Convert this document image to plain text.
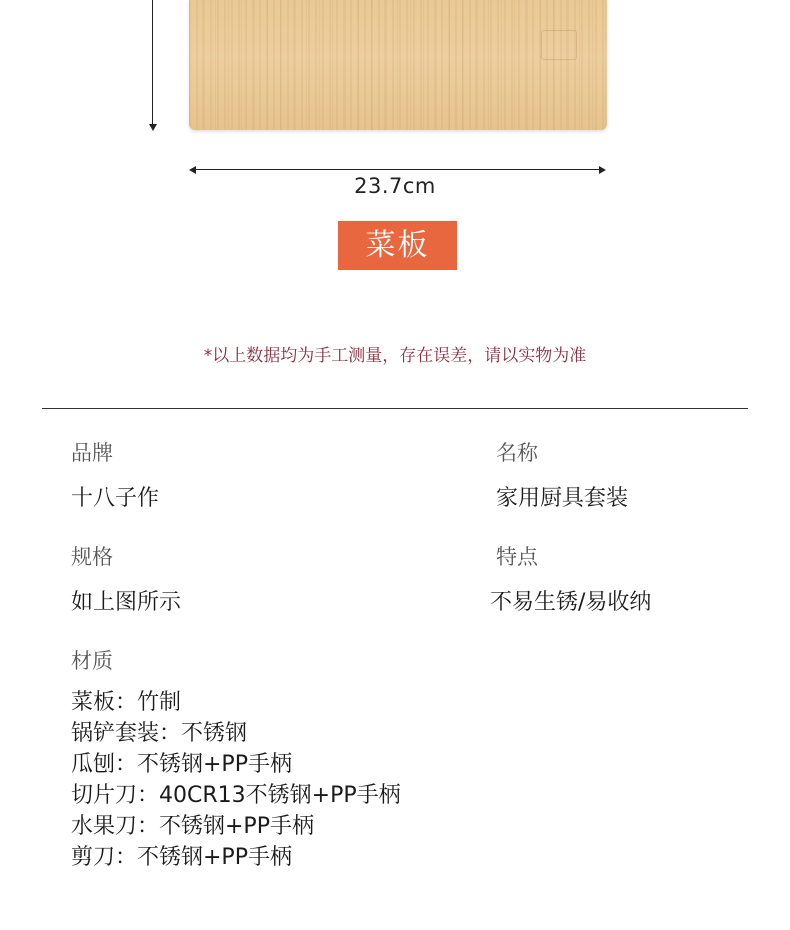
23.7cm
菜板
*以上数据均为手工测量，存在误差，请以实物为准
品牌
十八子作
名称
家用厨具套装
规格
如上图所示
特点
不易生锈/易收纳
材质
菜板：竹制
锅铲套装：不锈钢
瓜刨：不锈钢+PP手柄
切片刀：40CR13不锈钢+PP手柄
水果刀：不锈钢+PP手柄
剪刀：不锈钢+PP手柄
